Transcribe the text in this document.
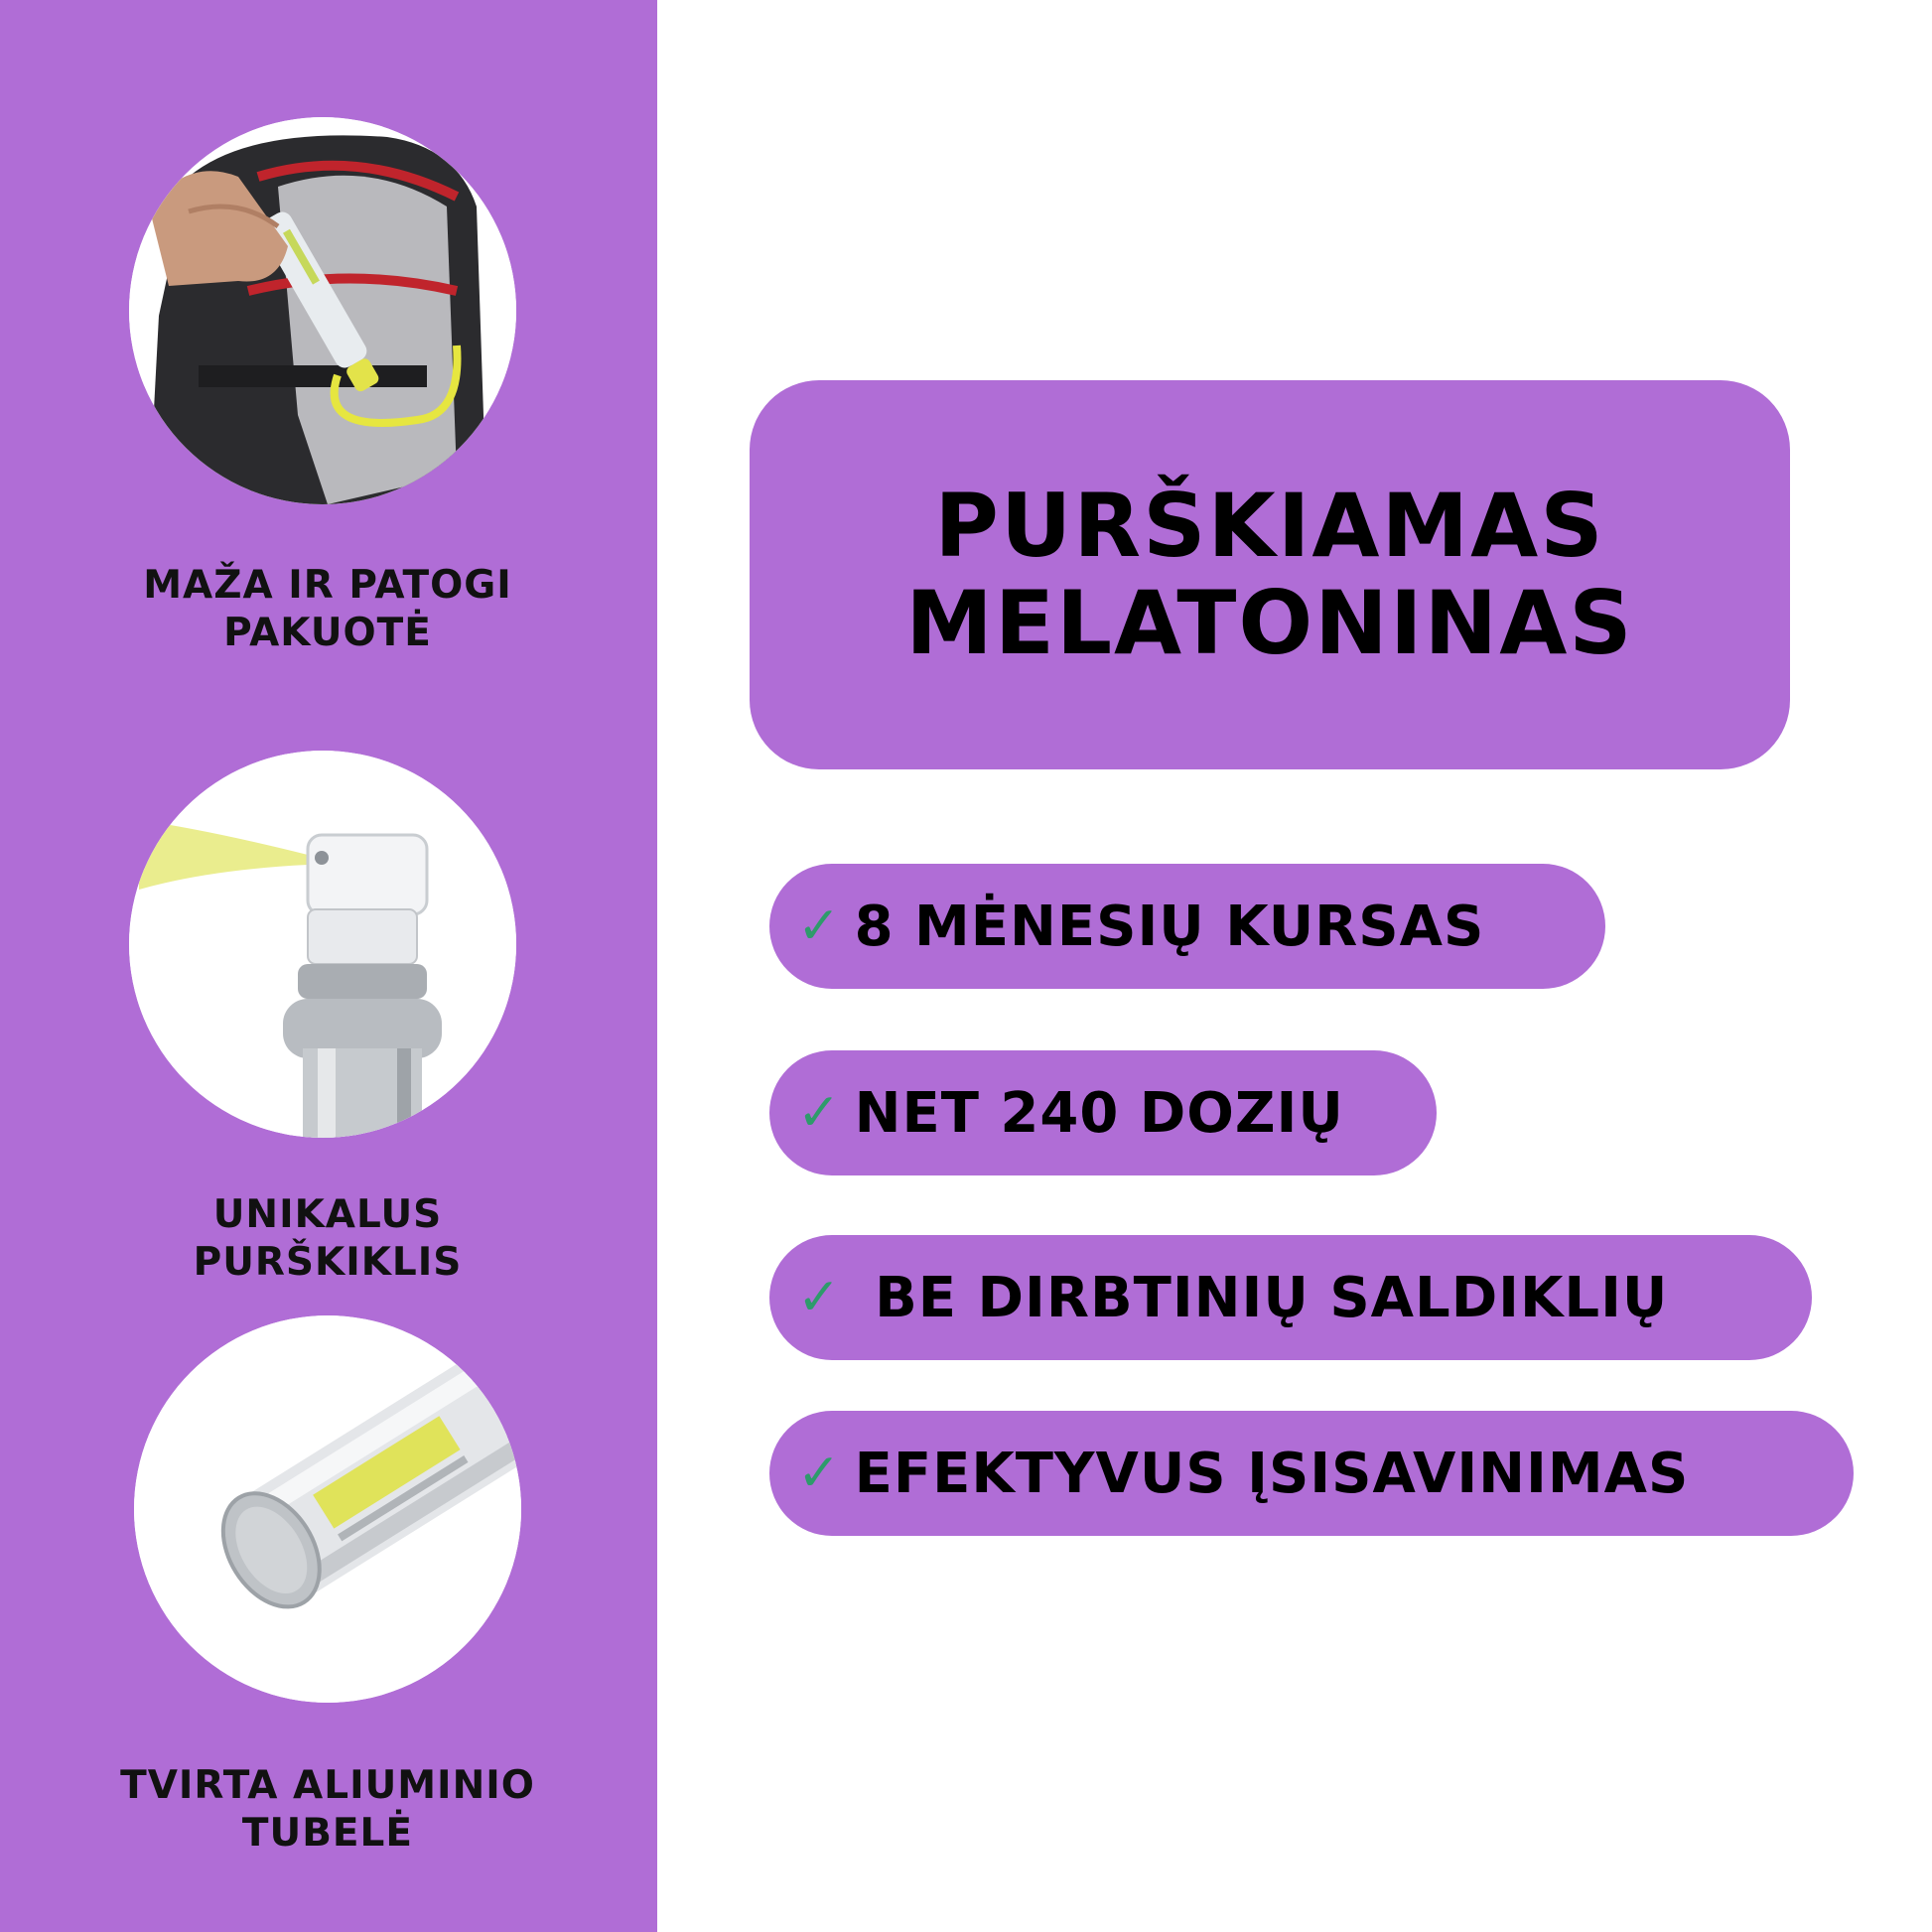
MAŽA IR PATOGI
PAKUOTĖ
UNIKALUS
PURŠKIKLIS
TVIRTA ALIUMINIO
TUBELĖ
PURŠKIAMAS
MELATONINAS
✓ 8 MĖNESIŲ KURSAS
✓ NET 240 DOZIŲ
✓ BE DIRBTINIŲ SALDIKLIŲ
✓ EFEKTYVUS ĮSISAVINIMAS
